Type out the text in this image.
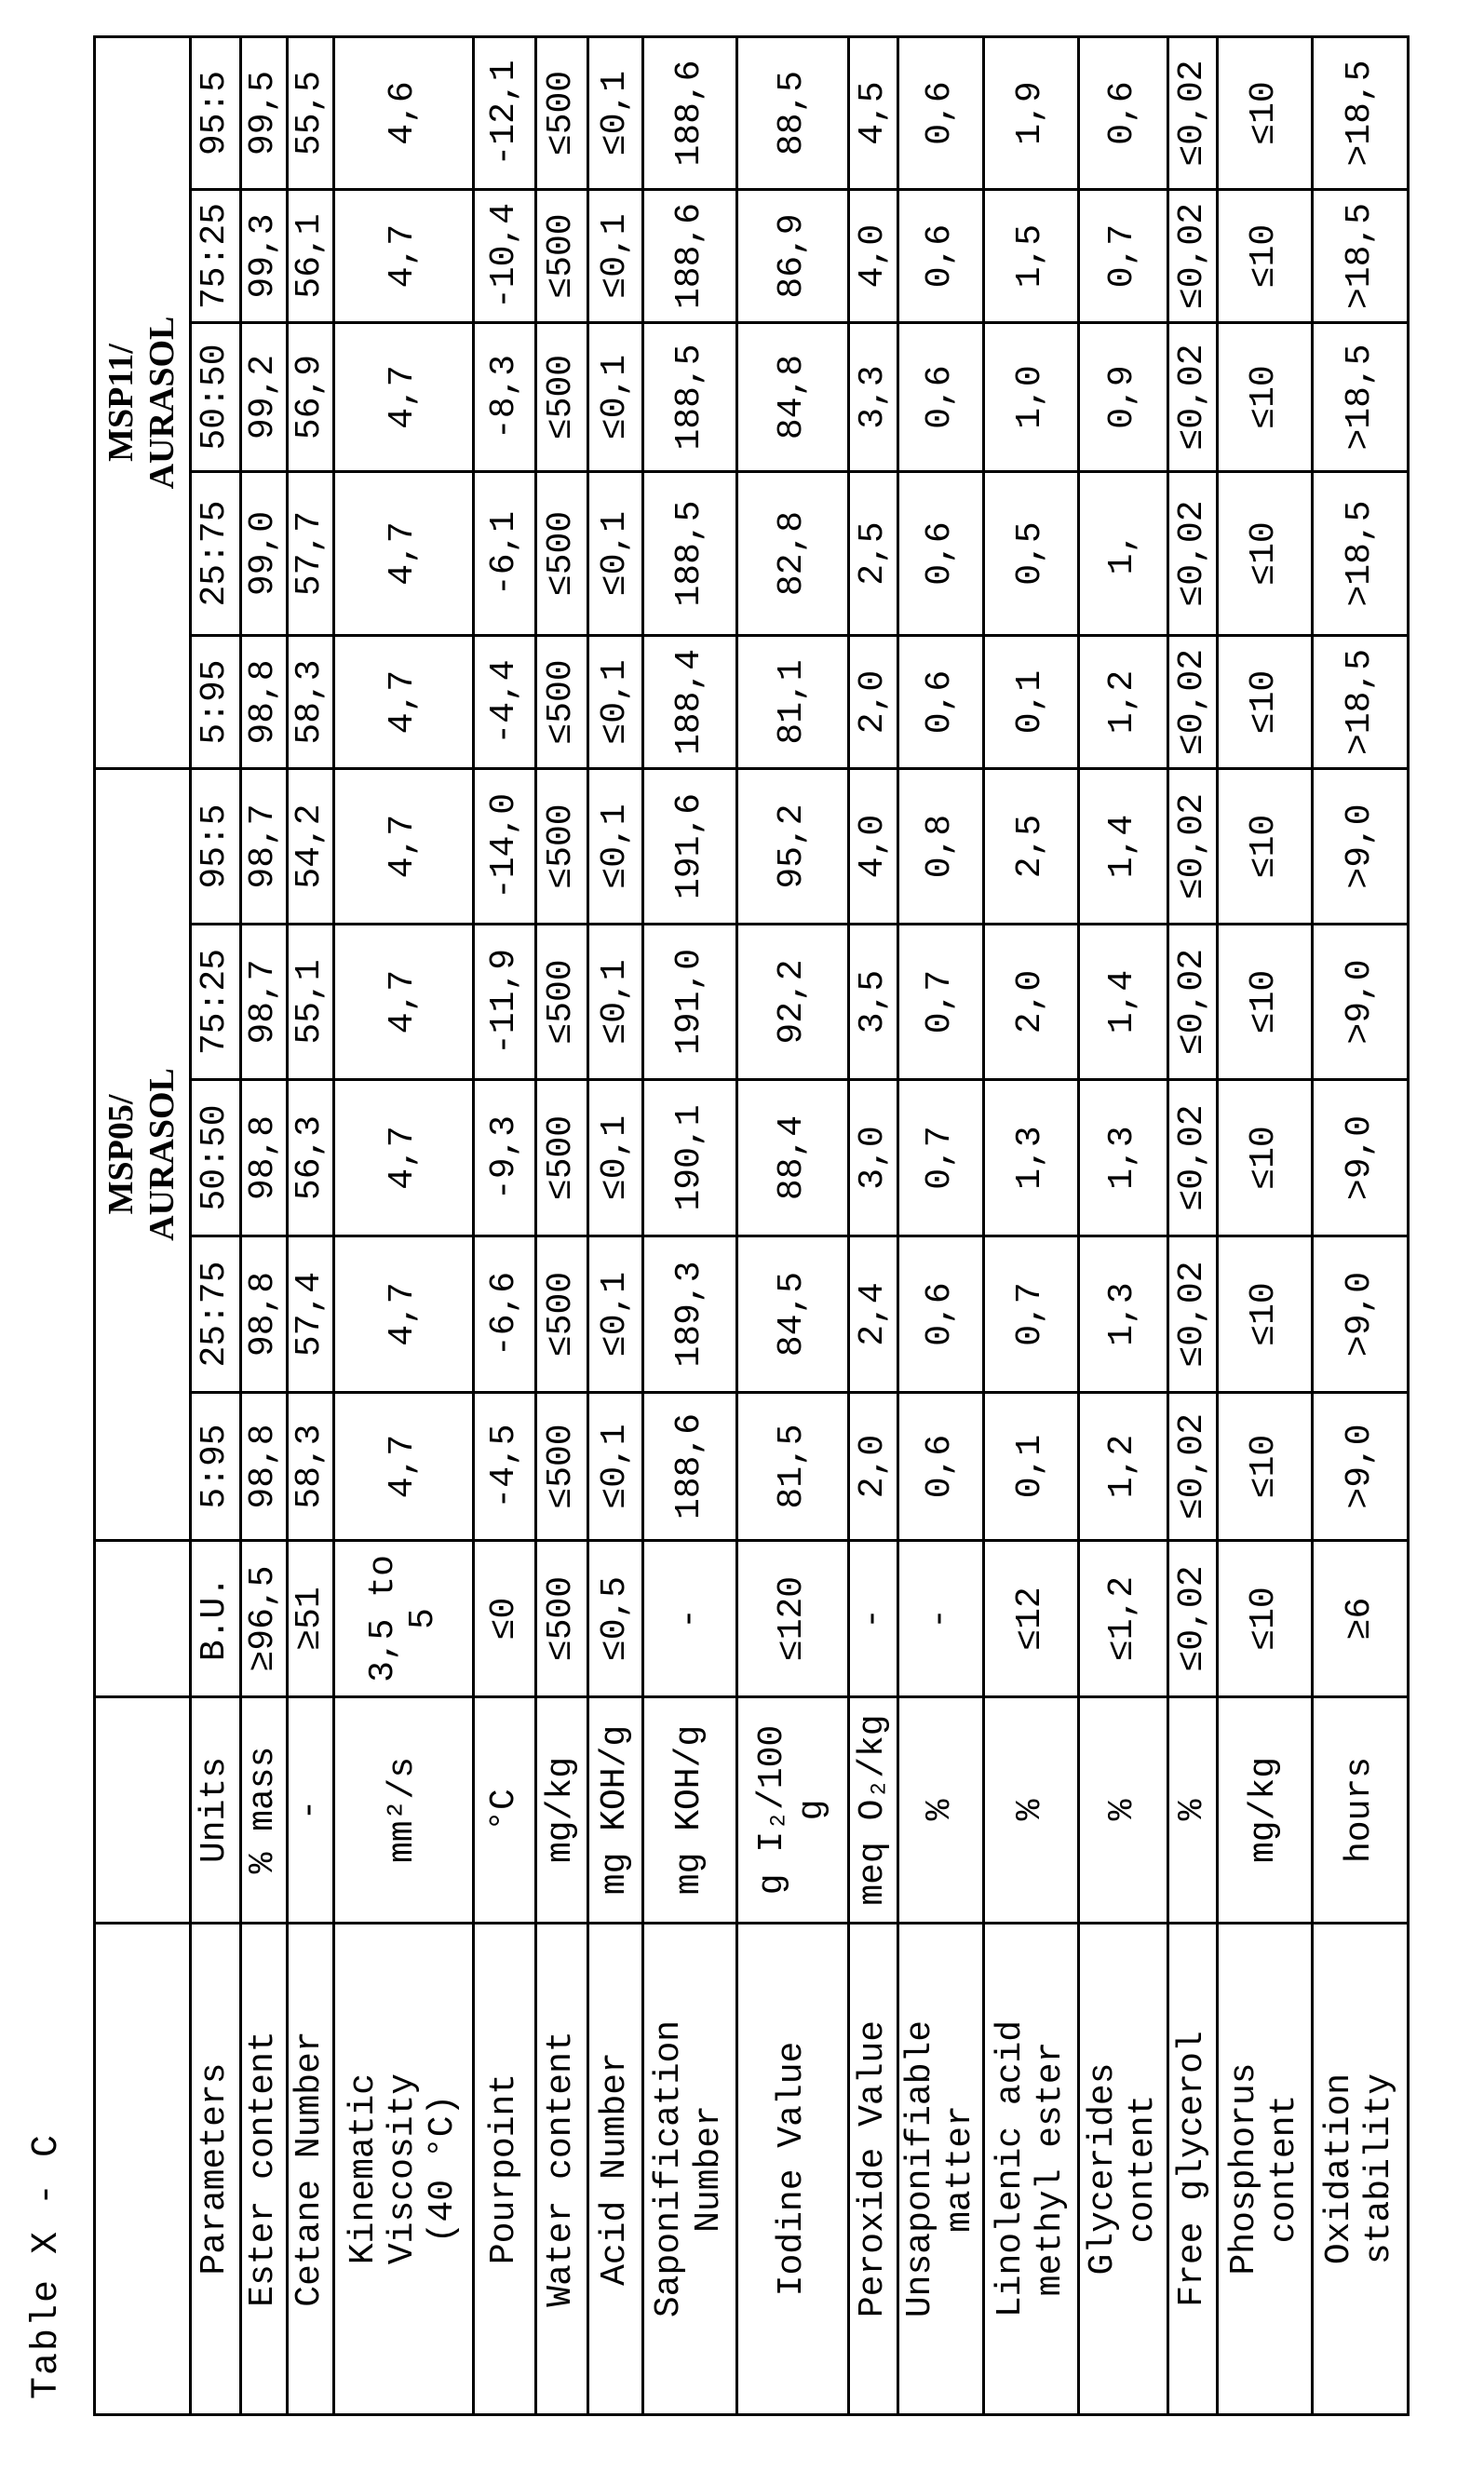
Table X - C
			MSP05/
AURASOL	MSP11/
AURASOL
Parameters	Units	B.U.	5:95	25:75	50:50	75:25	95:5	5:95	25:75	50:50	75:25	95:5
Ester content	% mass	≥96,5	98,8	98,8	98,8	98,7	98,7	98,8	99,0	99,2	99,3	99,5
Cetane Number	-	≥51	58,3	57,4	56,3	55,1	54,2	58,3	57,7	56,9	56,1	55,5
Kinematic
Viscosity
(40 °C)	mm²/s	3,5 to 5	4,7	4,7	4,7	4,7	4,7	4,7	4,7	4,7	4,7	4,6
Pourpoint	°C	≤0	-4,5	-6,6	-9,3	-11,9	-14,0	-4,4	-6,1	-8,3	-10,4	-12,1
Water content	mg/kg	≤500	≤500	≤500	≤500	≤500	≤500	≤500	≤500	≤500	≤500	≤500
Acid Number	mg KOH/g	≤0,5	≤0,1	≤0,1	≤0,1	≤0,1	≤0,1	≤0,1	≤0,1	≤0,1	≤0,1	≤0,1
Saponification
Number	mg KOH/g	-	188,6	189,3	190,1	191,0	191,6	188,4	188,5	188,5	188,6	188,6
Iodine Value	g I₂/100
g	≤120	81,5	84,5	88,4	92,2	95,2	81,1	82,8	84,8	86,9	88,5
Peroxide Value	meq O₂/kg	-	2,0	2,4	3,0	3,5	4,0	2,0	2,5	3,3	4,0	4,5
Unsaponifiable
matter	%	-	0,6	0,6	0,7	0,7	0,8	0,6	0,6	0,6	0,6	0,6
Linolenic acid
methyl ester	%	≤12	0,1	0,7	1,3	2,0	2,5	0,1	0,5	1,0	1,5	1,9
Glycerides
content	%	≤1,2	1,2	1,3	1,3	1,4	1,4	1,2	1,	0,9	0,7	0,6
Free glycerol	%	≤0,02	≤0,02	≤0,02	≤0,02	≤0,02	≤0,02	≤0,02	≤0,02	≤0,02	≤0,02	≤0,02
Phosphorus
content	mg/kg	≤10	≤10	≤10	≤10	≤10	≤10	≤10	≤10	≤10	≤10	≤10
Oxidation
stability	hours	≥6	>9,0	>9,0	>9,0	>9,0	>9,0	>18,5	>18,5	>18,5	>18,5	>18,5
